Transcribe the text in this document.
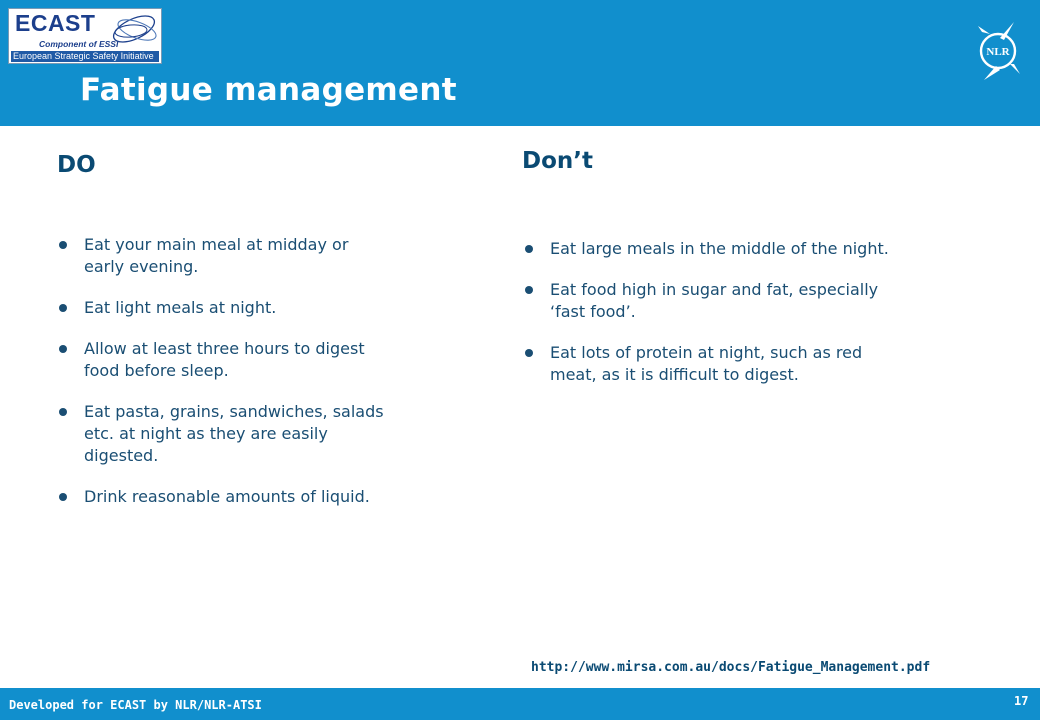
ECAST
Component of ESSI
European Strategic Safety Initiative	NLR
Fatigue management
DO
Eat your main meal at midday or early evening.
Eat light meals at night.
Allow at least three hours to digest food before sleep.
Eat pasta, grains, sandwiches, salads etc. at night as they are easily digested.
Drink reasonable amounts of liquid.
Don’t
Eat large meals in the middle of the night.
Eat food high in sugar and fat, especially ‘fast food’.
Eat lots of protein at night, such as red meat, as it is difficult to digest.
http://www.mirsa.com.au/docs/Fatigue_Management.pdf
Developed for ECAST by NLR/NLR-ATSI	17
